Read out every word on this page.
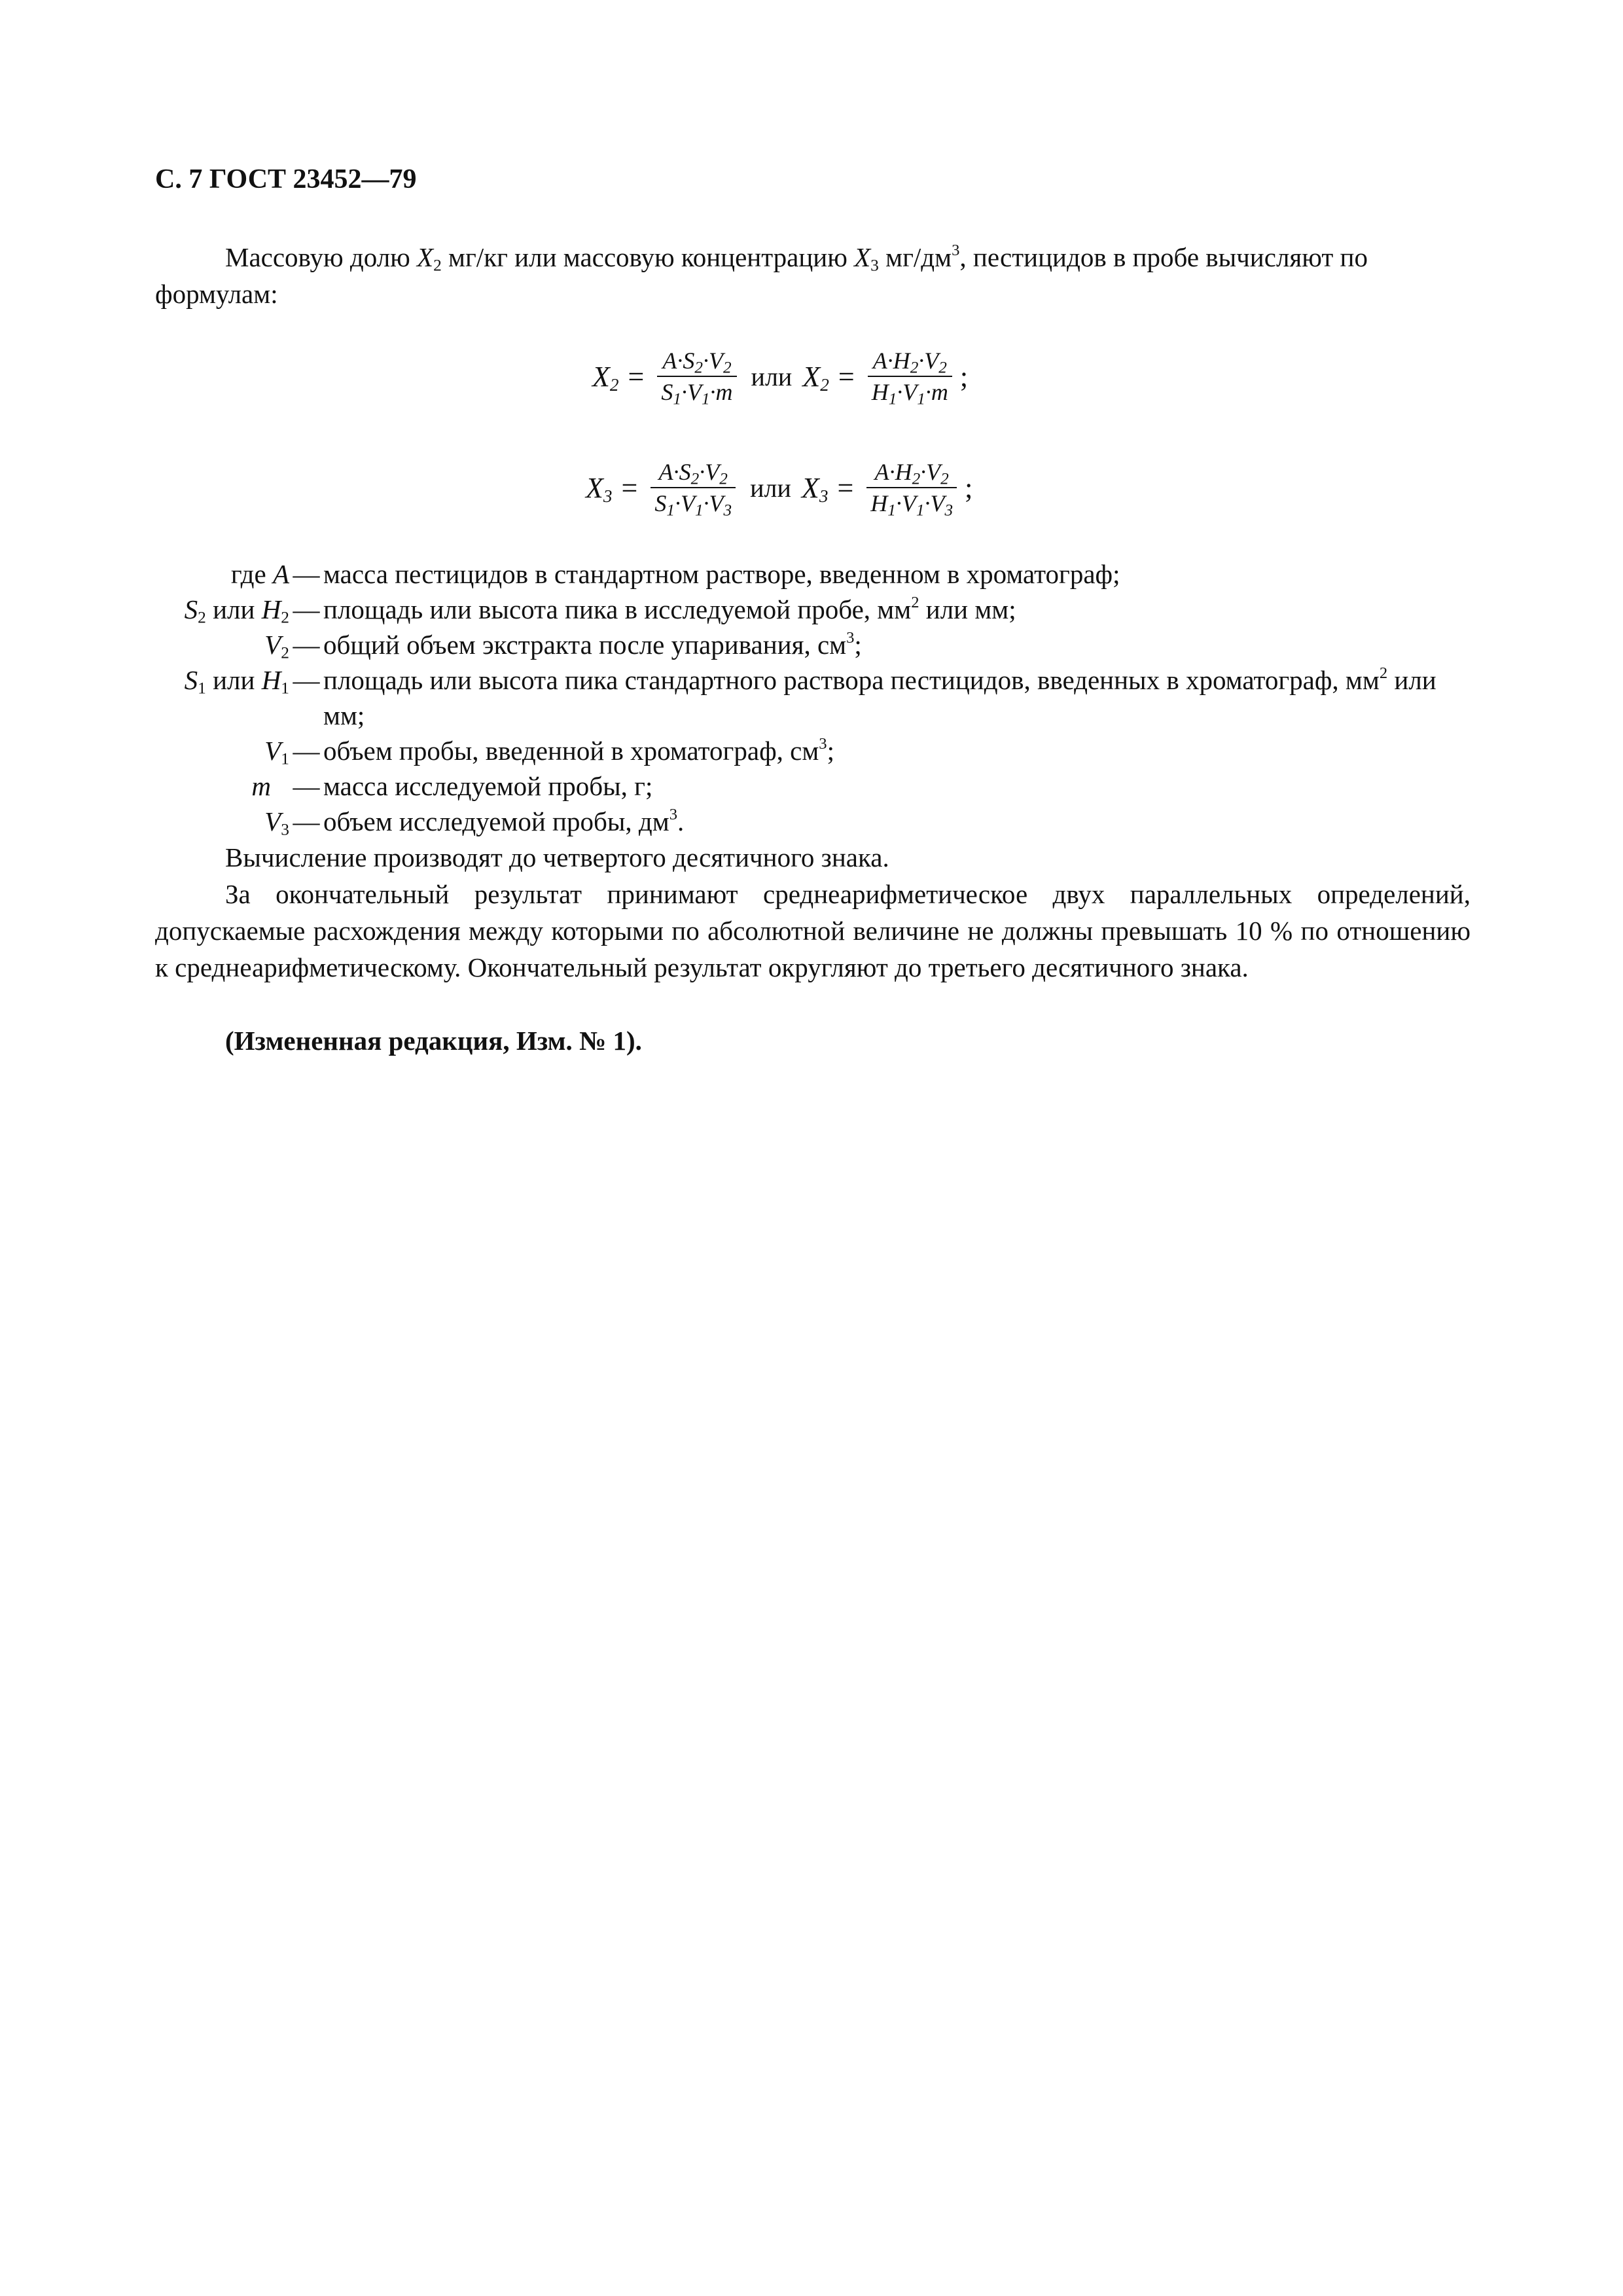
С. 7 ГОСТ 23452—79
Массовую долю $X_2$ мг/кг или массовую концентрацию $X_3$ $мг/дм^3$, пестицидов в пробе вычисляют по формулам:
$X_2 = \frac{A\cdot S_2\cdot V_2}{S_1\cdot V_1\cdot m}$ или $X_2 = \frac{A\cdot H_2\cdot V_2}{H_1\cdot V_1\cdot m}$ ;
$X_3 = \frac{A\cdot S_2\cdot V_2}{S_1\cdot V_1\cdot V_3}$ или $X_3 = \frac{A\cdot H_2\cdot V_2}{H_1\cdot V_1\cdot V_3}$ ;
где A — масса пестицидов в стандартном растворе, введенном в хроматограф;
$S_2$ или $H_2$ — площадь или высота пика в исследуемой пробе, $мм^2$ или мм;
$V_2$ — общий объем экстракта после упаривания, $см^3$;
$S_1$ или $H_1$ — площадь или высота пика стандартного раствора пестицидов, введенных в хроматограф, $мм^2$ или мм;
$V_1$ — объем пробы, введенной в хроматограф, $см^3$;
m — масса исследуемой пробы, г;
$V_3$ — объем исследуемой пробы, $дм^3$.
Вычисление производят до четвертого десятичного знака.
За окончательный результат принимают среднеарифметическое двух параллельных определений, допускаемые расхождения между которыми по абсолютной величине не должны превышать 10 % по отношению к среднеарифметическому. Окончательный результат округляют до третьего десятичного знака.
(Измененная редакция, Изм. № 1).
